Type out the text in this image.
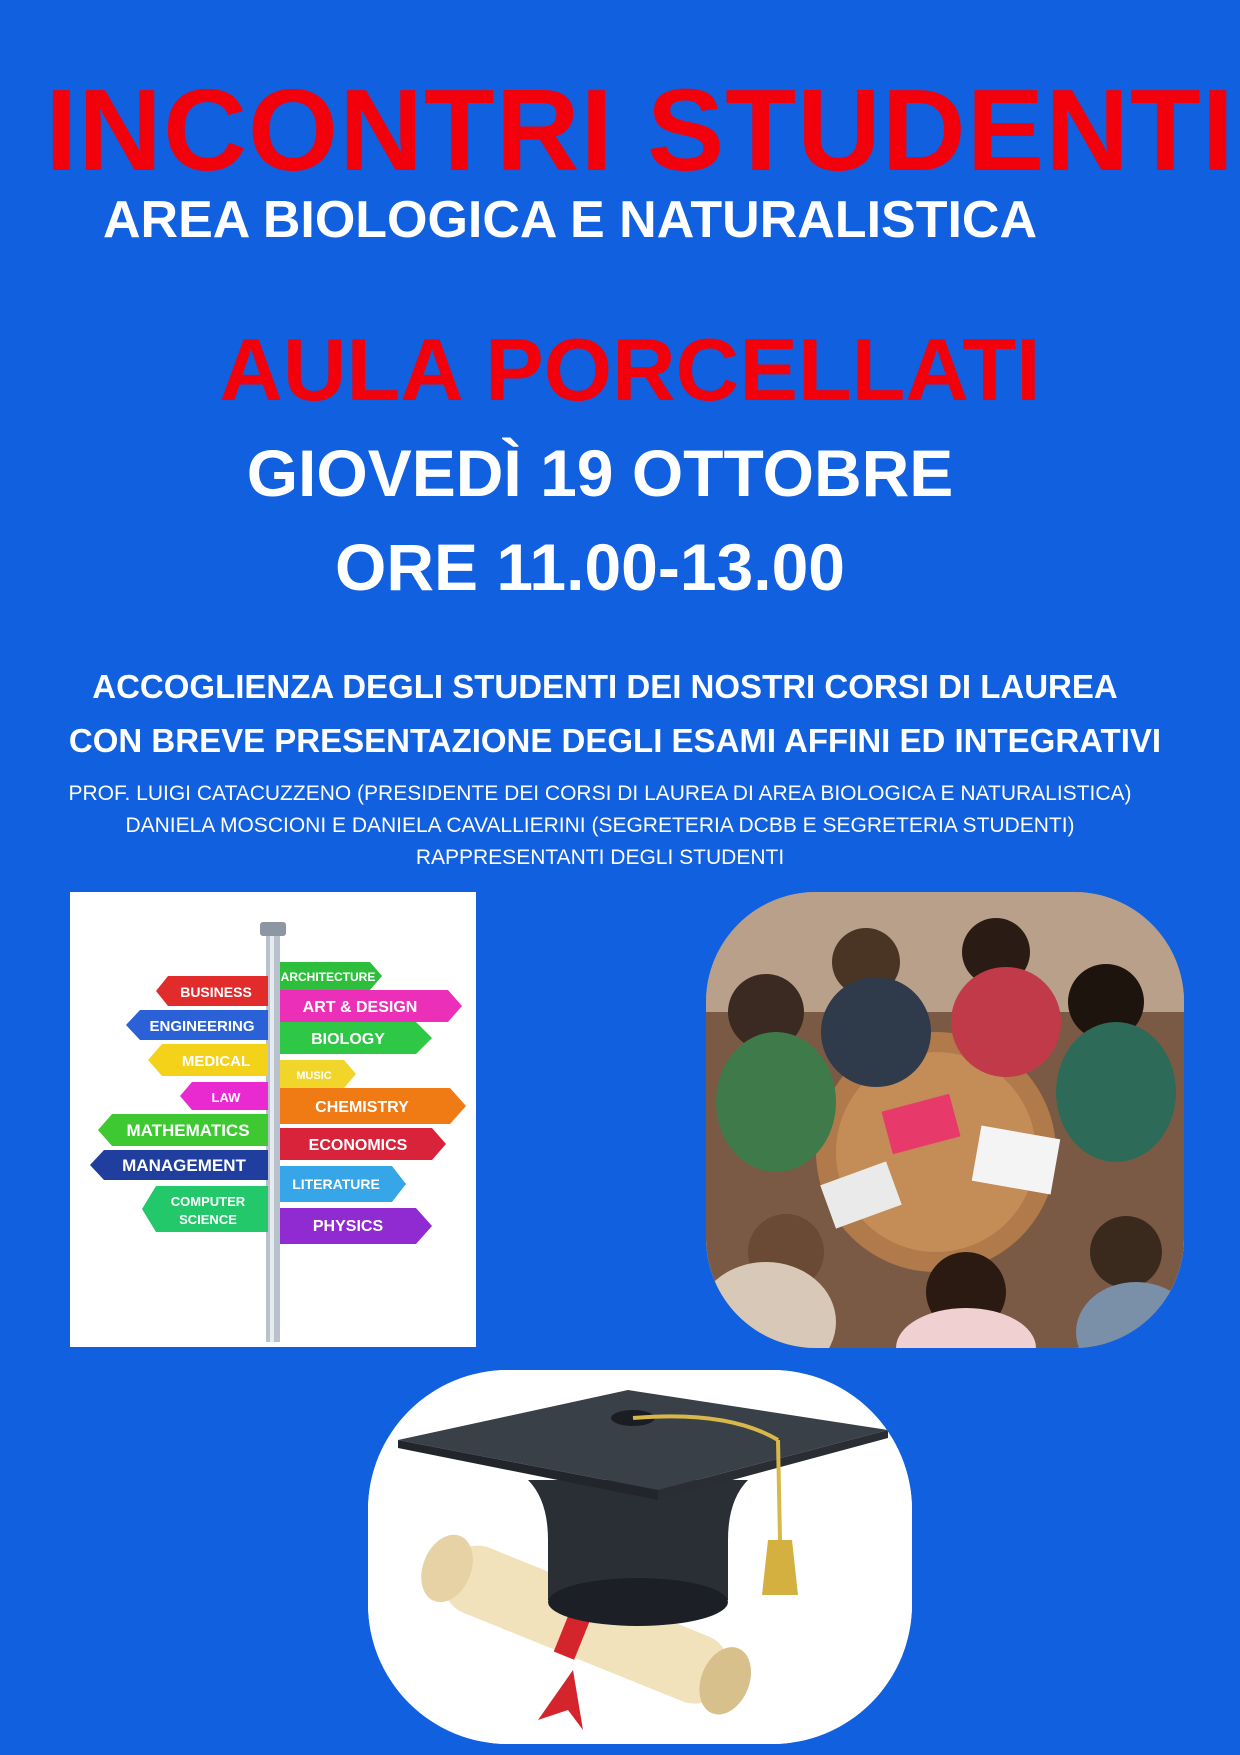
INCONTRI STUDENTI
AREA BIOLOGICA E NATURALISTICA
AULA PORCELLATI
GIOVEDÌ 19 OTTOBRE
ORE 11.00-13.00
ACCOGLIENZA DEGLI STUDENTI DEI NOSTRI CORSI DI LAUREA
CON BREVE PRESENTAZIONE DEGLI ESAMI AFFINI ED INTEGRATIVI
PROF. LUIGI CATACUZZENO (PRESIDENTE DEI CORSI DI LAUREA DI AREA BIOLOGICA E NATURALISTICA)
DANIELA MOSCIONI E DANIELA CAVALLIERINI (SEGRETERIA DCBB E SEGRETERIA STUDENTI)
RAPPRESENTANTI DEGLI STUDENTI
BUSINESS
ENGINEERING
MEDICAL
LAW
MATHEMATICS
MANAGEMENT
COMPUTER
SCIENCE
ARCHITECTURE
ART & DESIGN
BIOLOGY
MUSIC
CHEMISTRY
ECONOMICS
LITERATURE
PHYSICS
